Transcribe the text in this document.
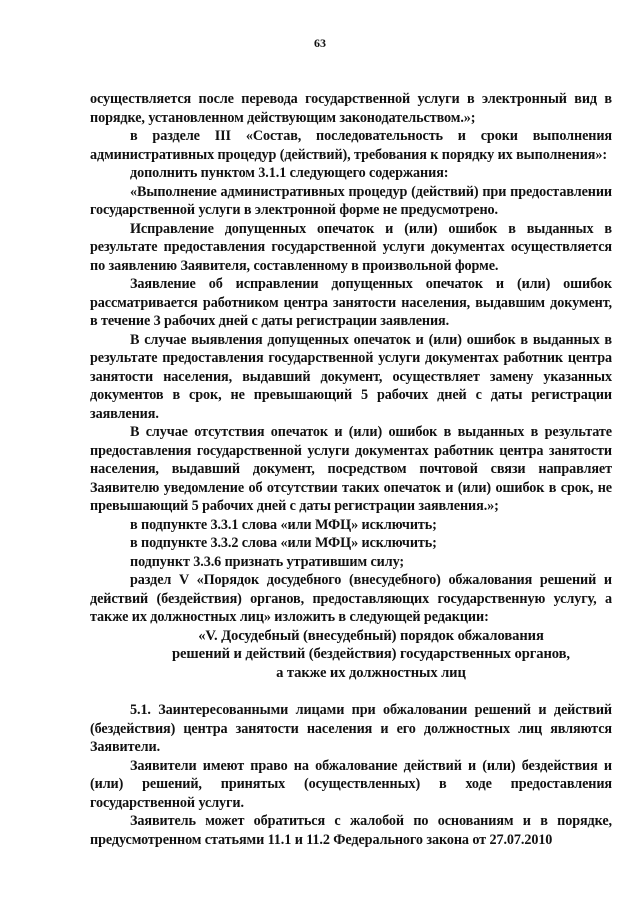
63

осуществляется после перевода государственной услуги в электронный вид в порядке, установленном действующим законодательством.»;

в разделе III «Состав, последовательность и сроки выполнения административных процедур (действий), требования к порядку их выполнения»:

дополнить пунктом 3.1.1 следующего содержания:

«Выполнение административных процедур (действий) при предоставлении государственной услуги в электронной форме не предусмотрено.

Исправление допущенных опечаток и (или) ошибок в выданных в результате предоставления государственной услуги документах осуществляется по заявлению Заявителя, составленному в произвольной форме.

Заявление об исправлении допущенных опечаток и (или) ошибок рассматривается работником центра занятости населения, выдавшим документ, в течение 3 рабочих дней с даты регистрации заявления.

В случае выявления допущенных опечаток и (или) ошибок в выданных в результате предоставления государственной услуги документах работник центра занятости населения, выдавший документ, осуществляет замену указанных документов в срок, не превышающий 5 рабочих дней с даты регистрации заявления.

В случае отсутствия опечаток и (или) ошибок в выданных в результате предоставления государственной услуги документах работник центра занятости населения, выдавший документ, посредством почтовой связи направляет Заявителю уведомление об отсутствии таких опечаток и (или) ошибок в срок, не превышающий 5 рабочих дней с даты регистрации заявления.»;

в подпункте 3.3.1 слова «или МФЦ» исключить;

в подпункте 3.3.2 слова «или МФЦ» исключить;

подпункт 3.3.6 признать утратившим силу;

раздел V «Порядок досудебного (внесудебного) обжалования решений и действий (бездействия) органов, предоставляющих государственную услугу, а также их должностных лиц» изложить в следующей редакции:

«V. Досудебный (внесудебный) порядок обжалования

решений и действий (бездействия) государственных органов,

а также их должностных лиц

5.1. Заинтересованными лицами при обжаловании решений и действий (бездействия) центра занятости населения и его должностных лиц являются Заявители.

Заявители имеют право на обжалование действий и (или) бездействия и (или) решений, принятых (осуществленных) в ходе предоставления государственной услуги.

Заявитель может обратиться с жалобой по основаниям и в порядке, предусмотренном статьями 11.1 и 11.2 Федерального закона от 27.07.2010
